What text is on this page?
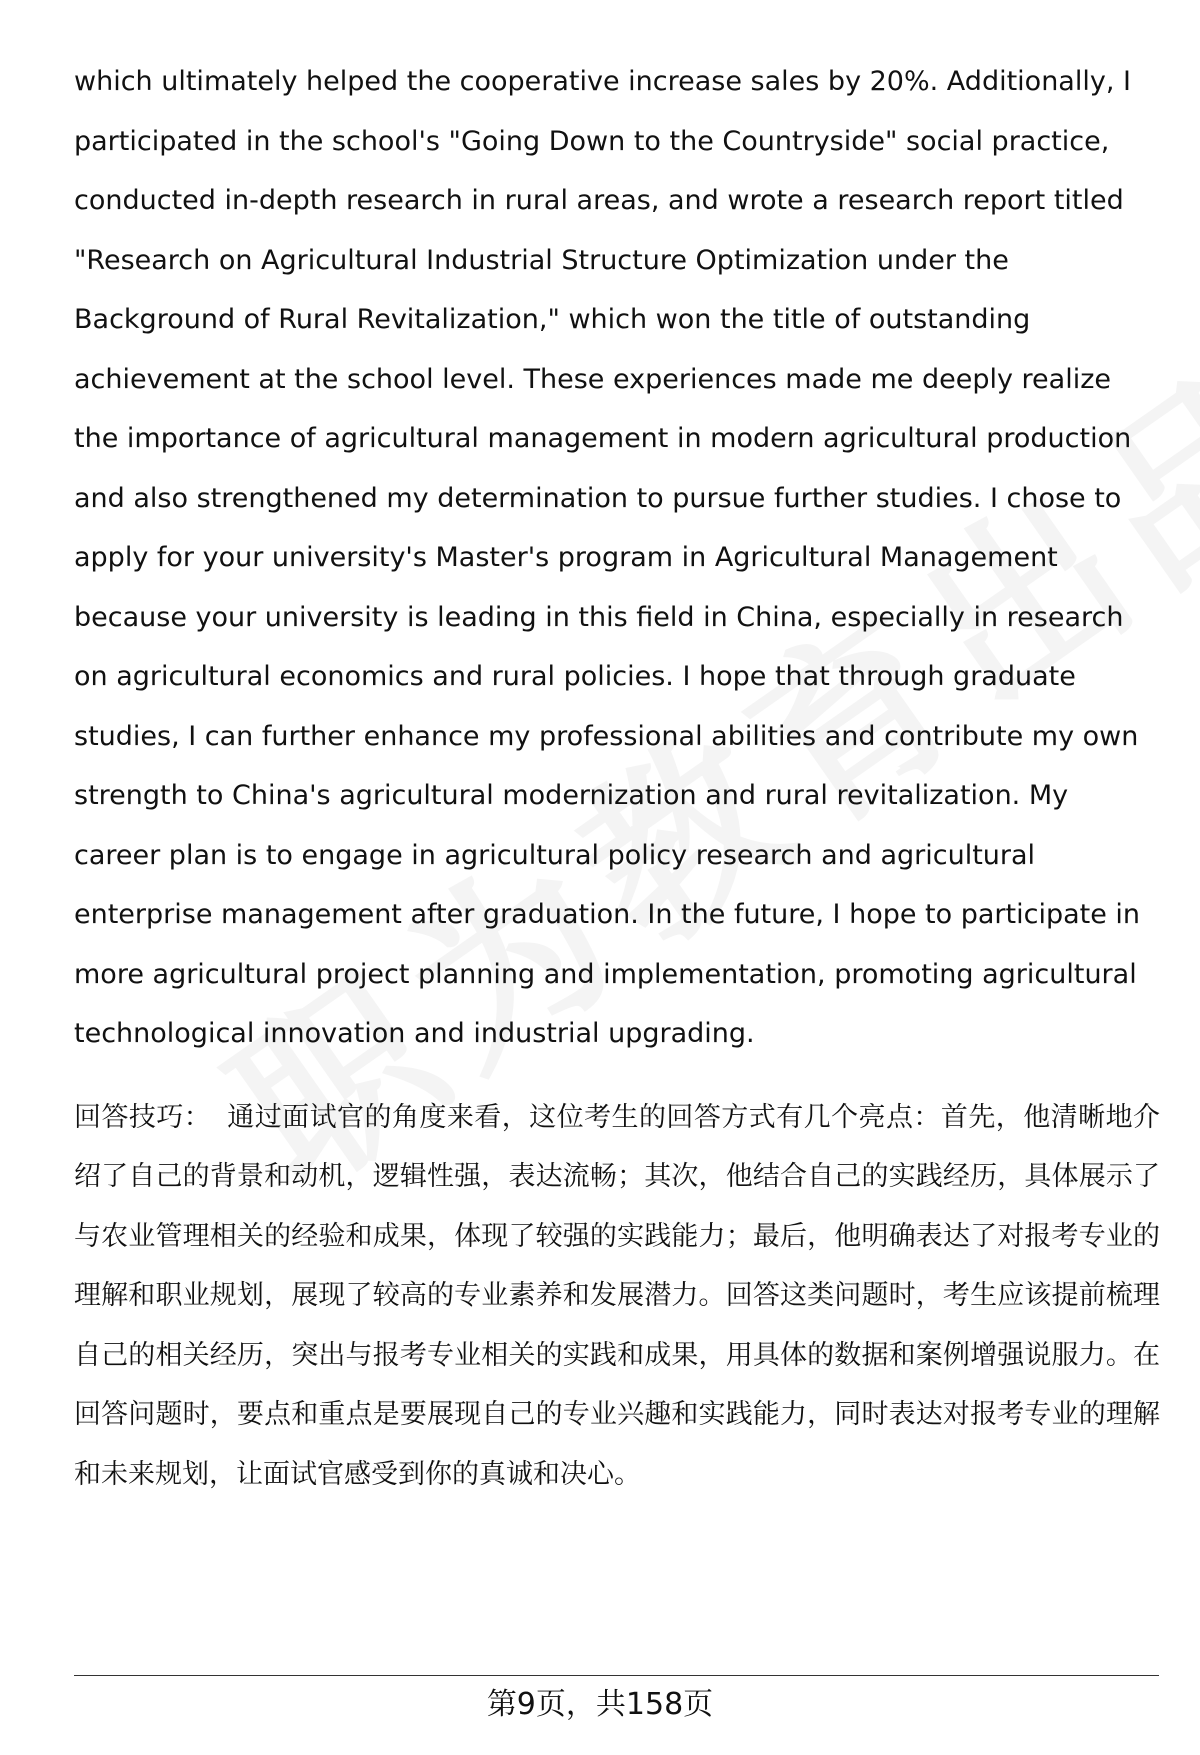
which ultimately helped the cooperative increase sales by 20%. Additionally, I participated in the school's "Going Down to the Countryside" social practice, conducted in-depth research in rural areas, and wrote a research report titled "Research on Agricultural Industrial Structure Optimization under the Background of Rural Revitalization," which won the title of outstanding achievement at the school level. These experiences made me deeply realize the importance of agricultural management in modern agricultural production and also strengthened my determination to pursue further studies. I chose to apply for your university's Master's program in Agricultural Management because your university is leading in this field in China, especially in research on agricultural economics and rural policies. I hope that through graduate studies, I can further enhance my professional abilities and contribute my own strength to China's agricultural modernization and rural revitalization. My career plan is to engage in agricultural policy research and agricultural enterprise management after graduation. In the future, I hope to participate in more agricultural project planning and implementation, promoting agricultural technological innovation and industrial upgrading.

回答技巧： 通过面试官的角度来看，这位考生的回答方式有几个亮点：首先，他清晰地介绍了自己的背景和动机，逻辑性强，表达流畅；其次，他结合自己的实践经历，具体展示了与农业管理相关的经验和成果，体现了较强的实践能力；最后，他明确表达了对报考专业的理解和职业规划，展现了较高的专业素养和发展潜力。回答这类问题时，考生应该提前梳理自己的相关经历，突出与报考专业相关的实践和成果，用具体的数据和案例增强说服力。在回答问题时，要点和重点是要展现自己的专业兴趣和实践能力，同时表达对报考专业的理解和未来规划，让面试官感受到你的真诚和决心。

第9页，共158页
